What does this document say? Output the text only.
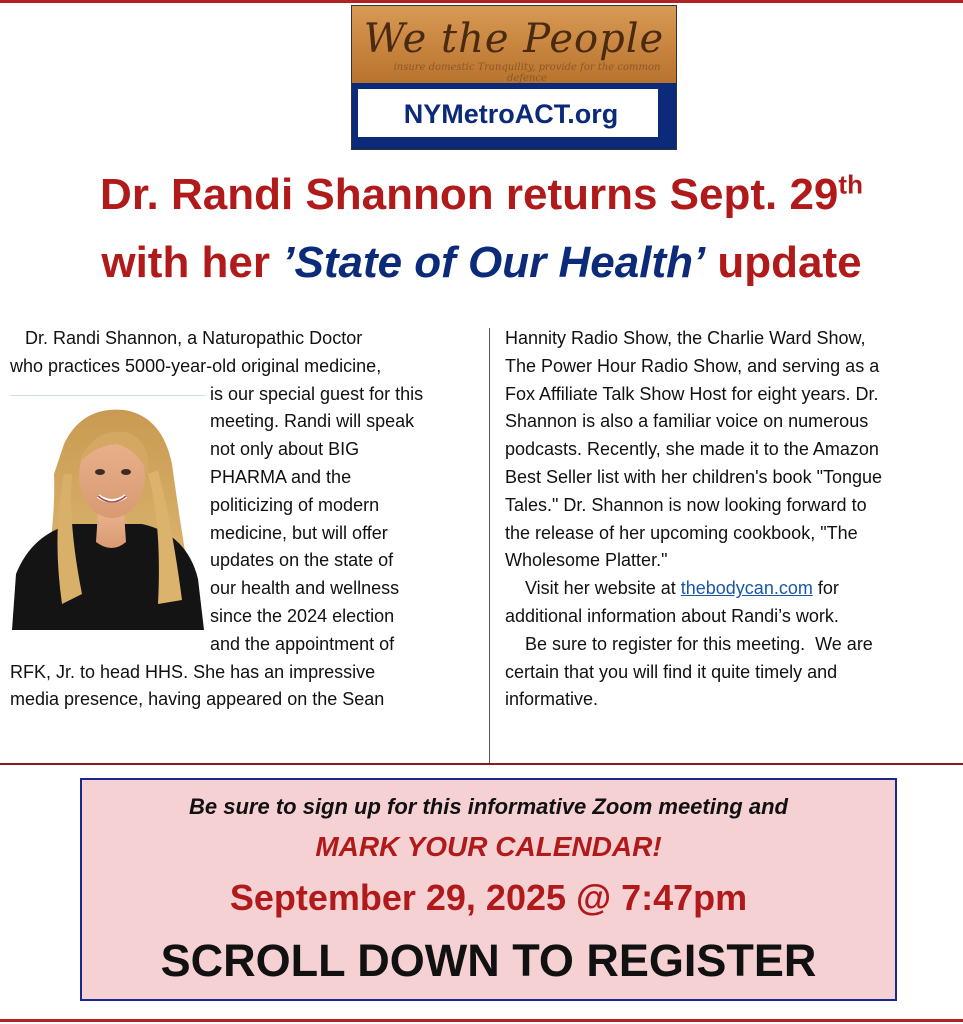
We the People
insure domestic Tranquility, provide for the common defence
NYMetroACT.org
Dr. Randi Shannon returns Sept. 29th
with her ’State of Our Health’ update
Dr. Randi Shannon, a Naturopathic Doctor
who practices 5000-year-old original medicine,
is our special guest for this
meeting. Randi will speak
not only about BIG
PHARMA and the
politicizing of modern
medicine, but will offer
updates on the state of
our health and wellness
since the 2024 election
and the appointment of
RFK, Jr. to head HHS. She has an impressive
media presence, having appeared on the Sean
Hannity Radio Show, the Charlie Ward Show,
The Power Hour Radio Show, and serving as a
Fox Affiliate Talk Show Host for eight years. Dr.
Shannon is also a familiar voice on numerous
podcasts. Recently, she made it to the Amazon
Best Seller list with her children's book "Tongue
Tales." Dr. Shannon is now looking forward to
the release of her upcoming cookbook, "The
Wholesome Platter."
Visit her website at thebodycan.com for
additional information about Randi’s work.
Be sure to register for this meeting.  We are
certain that you will find it quite timely and
informative.
Be sure to sign up for this informative Zoom meeting and
MARK YOUR CALENDAR!
September 29, 2025 @ 7:47pm
SCROLL DOWN TO REGISTER
